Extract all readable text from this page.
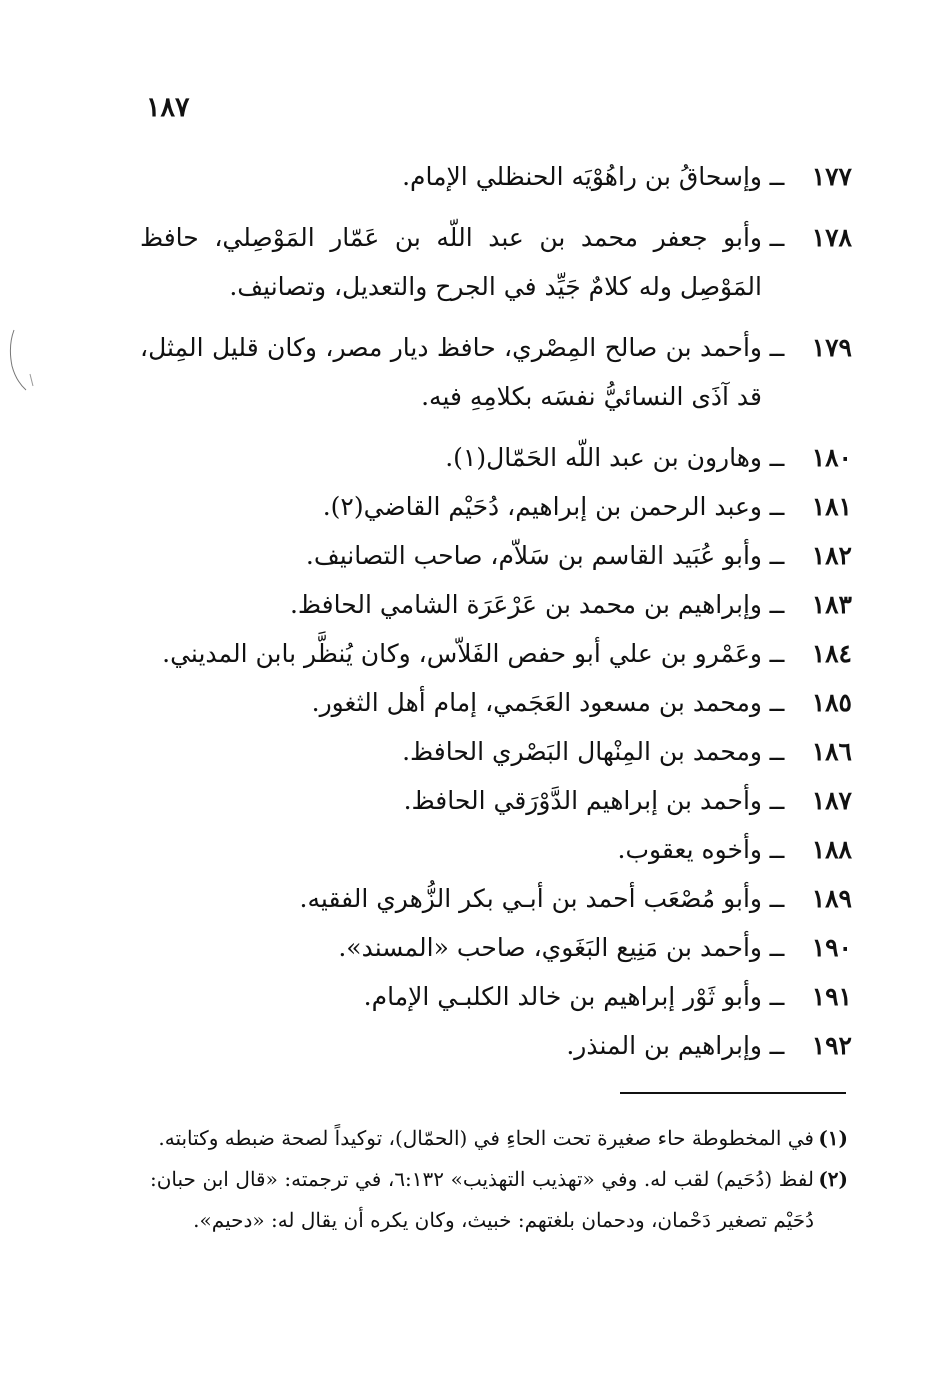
١٨٧
١٧٧
ــ
وإسحاقُ بن راهُوْيَه الحنظلي الإمام.
١٧٨
ــ
وأبو جعفر محمد بن عبد اللّه بن عَمّار المَوْصِلي، حافظ المَوْصِل وله كلامٌ جَيِّد في الجرح والتعديل، وتصانيف.
١٧٩
ــ
وأحمد بن صالح المِصْري، حافظ ديار مصر، وكان قليل المِثل، قد آذَى النسائيُّ نفسَه بكلامِهِ فيه.
١٨٠
ــ
وهارون بن عبد اللّه الحَمّال(١).
١٨١
ــ
وعبد الرحمن بن إبراهيم، دُحَيْم القاضي(٢).
١٨٢
ــ
وأبو عُبَيد القاسم بن سَلاّم، صاحب التصانيف.
١٨٣
ــ
وإبراهيم بن محمد بن عَرْعَرَة الشامي الحافظ.
١٨٤
ــ
وعَمْرو بن علي أبو حفص الفَلاّس، وكان يُنظَّر بابن المديني.
١٨٥
ــ
ومحمد بن مسعود العَجَمي، إمام أهل الثغور.
١٨٦
ــ
ومحمد بن المِنْهال البَصْري الحافظ.
١٨٧
ــ
وأحمد بن إبراهيم الدَّوْرَقي الحافظ.
١٨٨
ــ
وأخوه يعقوب.
١٨٩
ــ
وأبو مُصْعَب أحمد بن أبـي بكر الزُّهري الفقيه.
١٩٠
ــ
وأحمد بن مَنِيع البَغَوي، صاحب «المسند».
١٩١
ــ
وأبو ثَوْر إبراهيم بن خالد الكلبـي الإمام.
١٩٢
ــ
وإبراهيم بن المنذر.
(١)
في المخطوطة حاء صغيرة تحت الحاءِ في (الحمّال)، توكيداً لصحة ضبطه وكتابته.
(٢)
لفظ (دُحَيم) لقب له. وفي «تهذيب التهذيب» ٦:١٣٢، في ترجمته: «قال ابن حبان: دُحَيْم تصغير دَحْمان، ودحمان بلغتهم: خبيث، وكان يكره أن يقال له: «دحيم».
